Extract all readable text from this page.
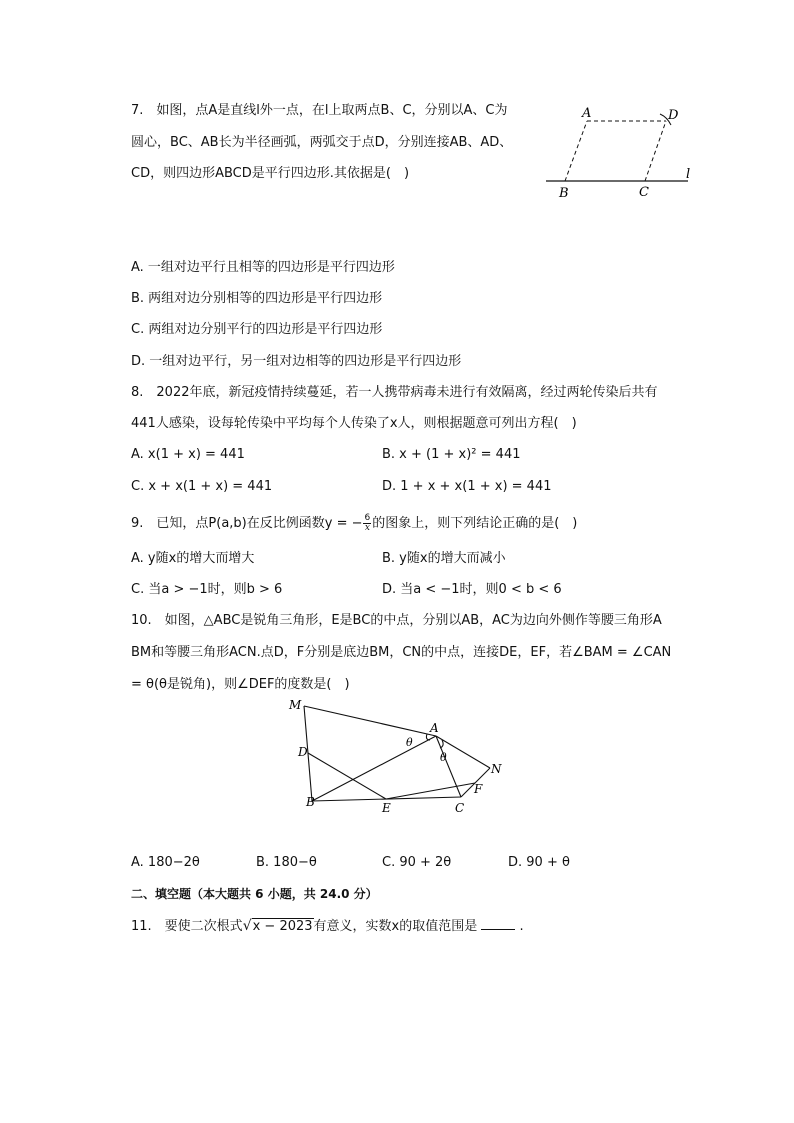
7.　如图，点A是直线l外一点，在l上取两点B、C，分别以A、C为
圆心，BC、AB长为半径画弧，两弧交于点D，分别连接AB、AD、
CD，则四边形ABCD是平行四边形.其依据是(　)
A	D
B	C
l
A. 一组对边平行且相等的四边形是平行四边形
B. 两组对边分别相等的四边形是平行四边形
C. 两组对边分别平行的四边形是平行四边形
D. 一组对边平行，另一组对边相等的四边形是平行四边形
8.　2022年底，新冠疫情持续蔓延，若一人携带病毒未进行有效隔离，经过两轮传染后共有
441人感染，设每轮传染中平均每个人传染了x人，则根据题意可列出方程(　)
A. x(1 + x) = 441	B. x + (1 + x)² = 441
C. x + x(1 + x) = 441	D. 1 + x + x(1 + x) = 441
9.　已知，点P(a,b)在反比例函数y = − $\frac{6}{x}$ 的图象上，则下列结论正确的是(　)
A. y随x的增大而增大	B. y随x的增大而减小
C. 当a > −1时，则b > 6	D. 当a < −1时，则0 < b < 6
10.　如图，△ABC是锐角三角形，E是BC的中点，分别以AB，AC为边向外侧作等腰三角形A
BM和等腰三角形ACN.点D，F分别是底边BM，CN的中点，连接DE，EF，若∠BAM = ∠CAN
= θ(θ是锐角)，则∠DEF的度数是(　)
M
A
θ
θ
D
N
F
B	E	C
A. 180−2θ	B. 180−θ	C. 90 + 2θ	D. 90 + θ
二、填空题（本大题共 6 小题，共 24.0 分）
11.　要使二次根式√x − 2023有意义，实数x的取值范围是	.
